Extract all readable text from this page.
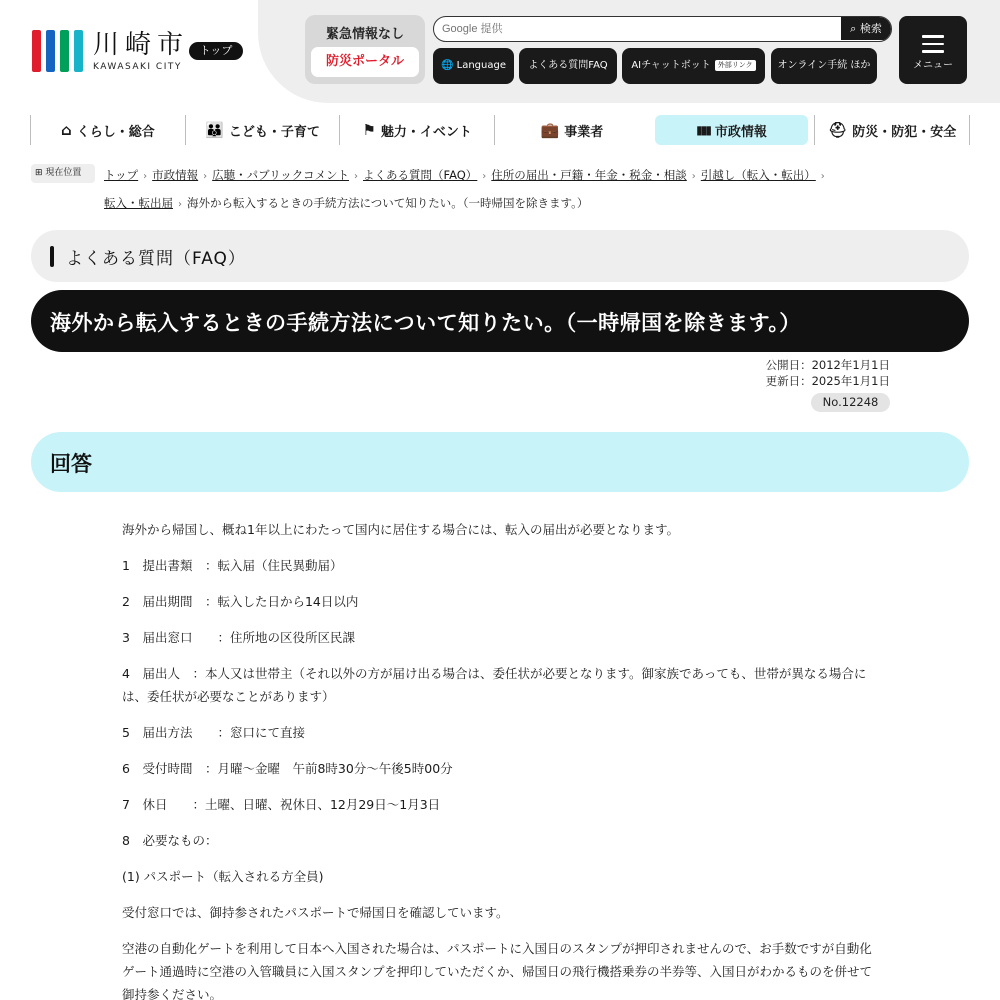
川崎市
KAWASAKI CITY
トップ
緊急情報なし
防災ポータル
Google 提供
⌕ 検索
🌐 Language	よくある質問FAQ	AIチャットボット 外部リンク	オンライン手続 ほか	メニュー
⌂ くらし・総合	👪 こども・子育て	⚑ 魅力・イベント	💼 事業者	▮▮▮ 市政情報	⛑ 防災・防犯・安全
⊞ 現在位置	トップ › 市政情報 › 広聴・パブリックコメント › よくある質問（FAQ） › 住所の届出・戸籍・年金・税金・相談 › 引越し（転入・転出） ›
転入・転出届 › 海外から転入するときの手続方法について知りたい。（一時帰国を除きます。）
よくある質問（FAQ）
海外から転入するときの手続方法について知りたい。（一時帰国を除きます。）
公開日：2012年1月1日
更新日：2025年1月1日
No.12248
回答

海外から帰国し、概ね1年以上にわたって国内に居住する場合には、転入の届出が必要となります。

1　提出書類　：転入届（住民異動届）

2　届出期間　：転入した日から14日以内

3　届出窓口　　：住所地の区役所区民課

4　届出人　：本人又は世帯主（それ以外の方が届け出る場合は、委任状が必要となります。御家族であっても、世帯が異なる場合には、委任状が必要なことがあります）

5　届出方法　　：窓口にて直接

6　受付時間　：月曜～金曜　午前8時30分～午後5時00分

7　休日　　：土曜、日曜、祝休日、12月29日～1月3日

8　必要なもの：

(1) パスポート（転入される方全員)

受付窓口では、御持参されたパスポートで帰国日を確認しています。

空港の自動化ゲートを利用して日本へ入国された場合は、パスポートに入国日のスタンプが押印されませんので、お手数ですが自動化ゲート通過時に空港の入管職員に入国スタンプを押印していただくか、帰国日の飛行機搭乗券の半券等、入国日がわかるものを併せて御持参ください。
